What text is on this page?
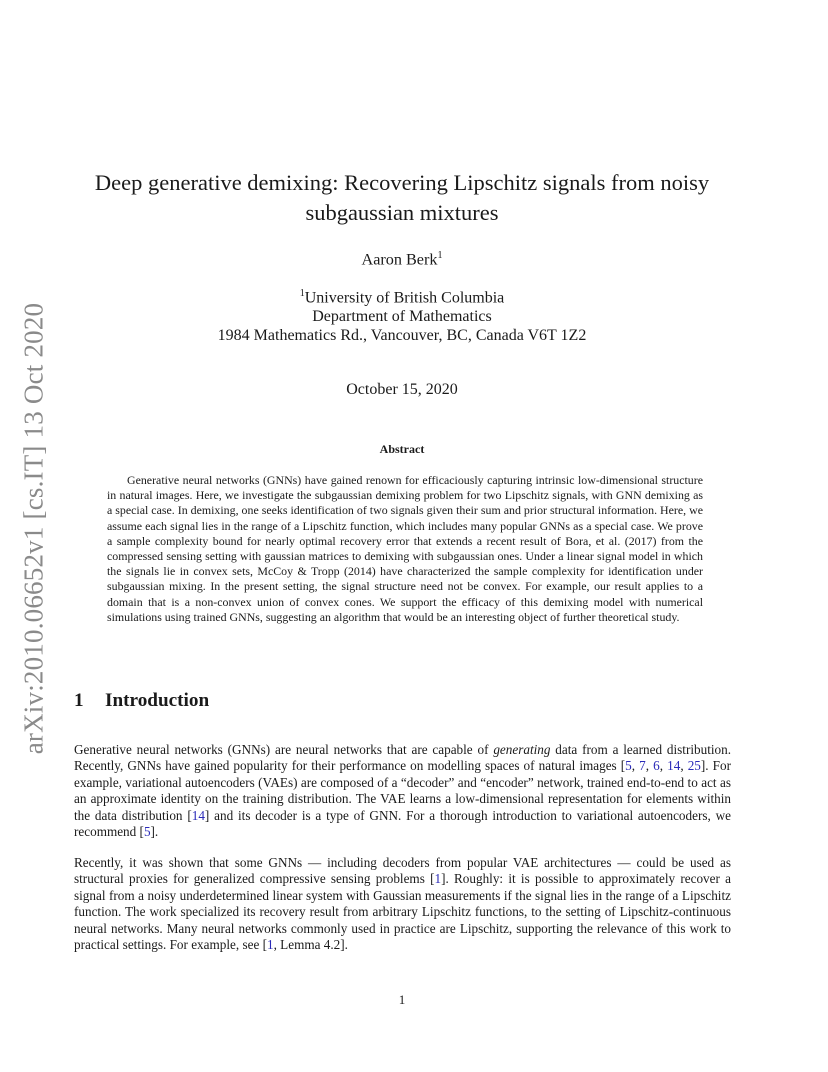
arXiv:2010.06652v1 [cs.IT] 13 Oct 2020
Deep generative demixing: Recovering Lipschitz signals from noisy subgaussian mixtures
Aaron Berk$^1$
$^1$University of British Columbia
Department of Mathematics
1984 Mathematics Rd., Vancouver, BC, Canada V6T 1Z2
October 15, 2020
Abstract

Generative neural networks (GNNs) have gained renown for efficaciously capturing intrinsic low-dimensional structure in natural images. Here, we investigate the subgaussian demixing problem for two Lipschitz signals, with GNN demixing as a special case. In demixing, one seeks identification of two signals given their sum and prior structural information. Here, we assume each signal lies in the range of a Lipschitz function, which includes many popular GNNs as a special case. We prove a sample complexity bound for nearly optimal recovery error that extends a recent result of Bora, et al. (2017) from the compressed sensing setting with gaussian matrices to demixing with subgaussian ones. Under a linear signal model in which the signals lie in convex sets, McCoy & Tropp (2014) have characterized the sample complexity for identification under subgaussian mixing. In the present setting, the signal structure need not be convex. For example, our result applies to a domain that is a non-convex union of convex cones. We support the efficacy of this demixing model with numerical simulations using trained GNNs, suggesting an algorithm that would be an interesting object of further theoretical study.

1 Introduction

Generative neural networks (GNNs) are neural networks that are capable of generating data from a learned distribution. Recently, GNNs have gained popularity for their performance on modelling spaces of natural images [5, 7, 6, 14, 25]. For example, variational autoencoders (VAEs) are composed of a “decoder” and “encoder” network, trained end-to-end to act as an approximate identity on the training distribution. The VAE learns a low-dimensional representation for elements within the data distribution [14] and its decoder is a type of GNN. For a thorough introduction to variational autoencoders, we recommend [5].

Recently, it was shown that some GNNs — including decoders from popular VAE architectures — could be used as structural proxies for generalized compressive sensing problems [1]. Roughly: it is possible to approximately recover a signal from a noisy underdetermined linear system with Gaussian measurements if the signal lies in the range of a Lipschitz function. The work specialized its recovery result from arbitrary Lipschitz functions, to the setting of Lipschitz-continuous neural networks. Many neural networks commonly used in practice are Lipschitz, supporting the relevance of this work to practical settings. For example, see [1, Lemma 4.2].

1
